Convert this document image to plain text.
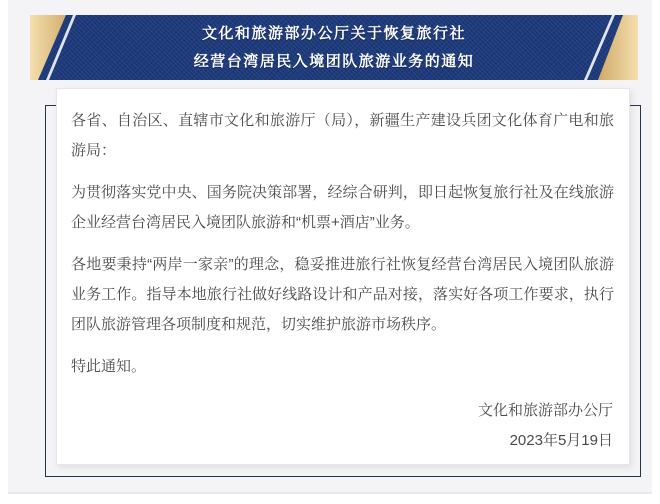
文化和旅游部办公厅关于恢复旅行社
经营台湾居民入境团队旅游业务的通知

各省、自治区、直辖市文化和旅游厅（局），新疆生产建设兵团文化体育广电和旅游局：

为贯彻落实党中央、国务院决策部署，经综合研判，即日起恢复旅行社及在线旅游企业经营台湾居民入境团队旅游和“机票+酒店”业务。

各地要秉持“两岸一家亲”的理念，稳妥推进旅行社恢复经营台湾居民入境团队旅游业务工作。指导本地旅行社做好线路设计和产品对接，落实好各项工作要求，执行团队旅游管理各项制度和规范，切实维护旅游市场秩序。

特此通知。

文化和旅游部办公厅
2023年5月19日
